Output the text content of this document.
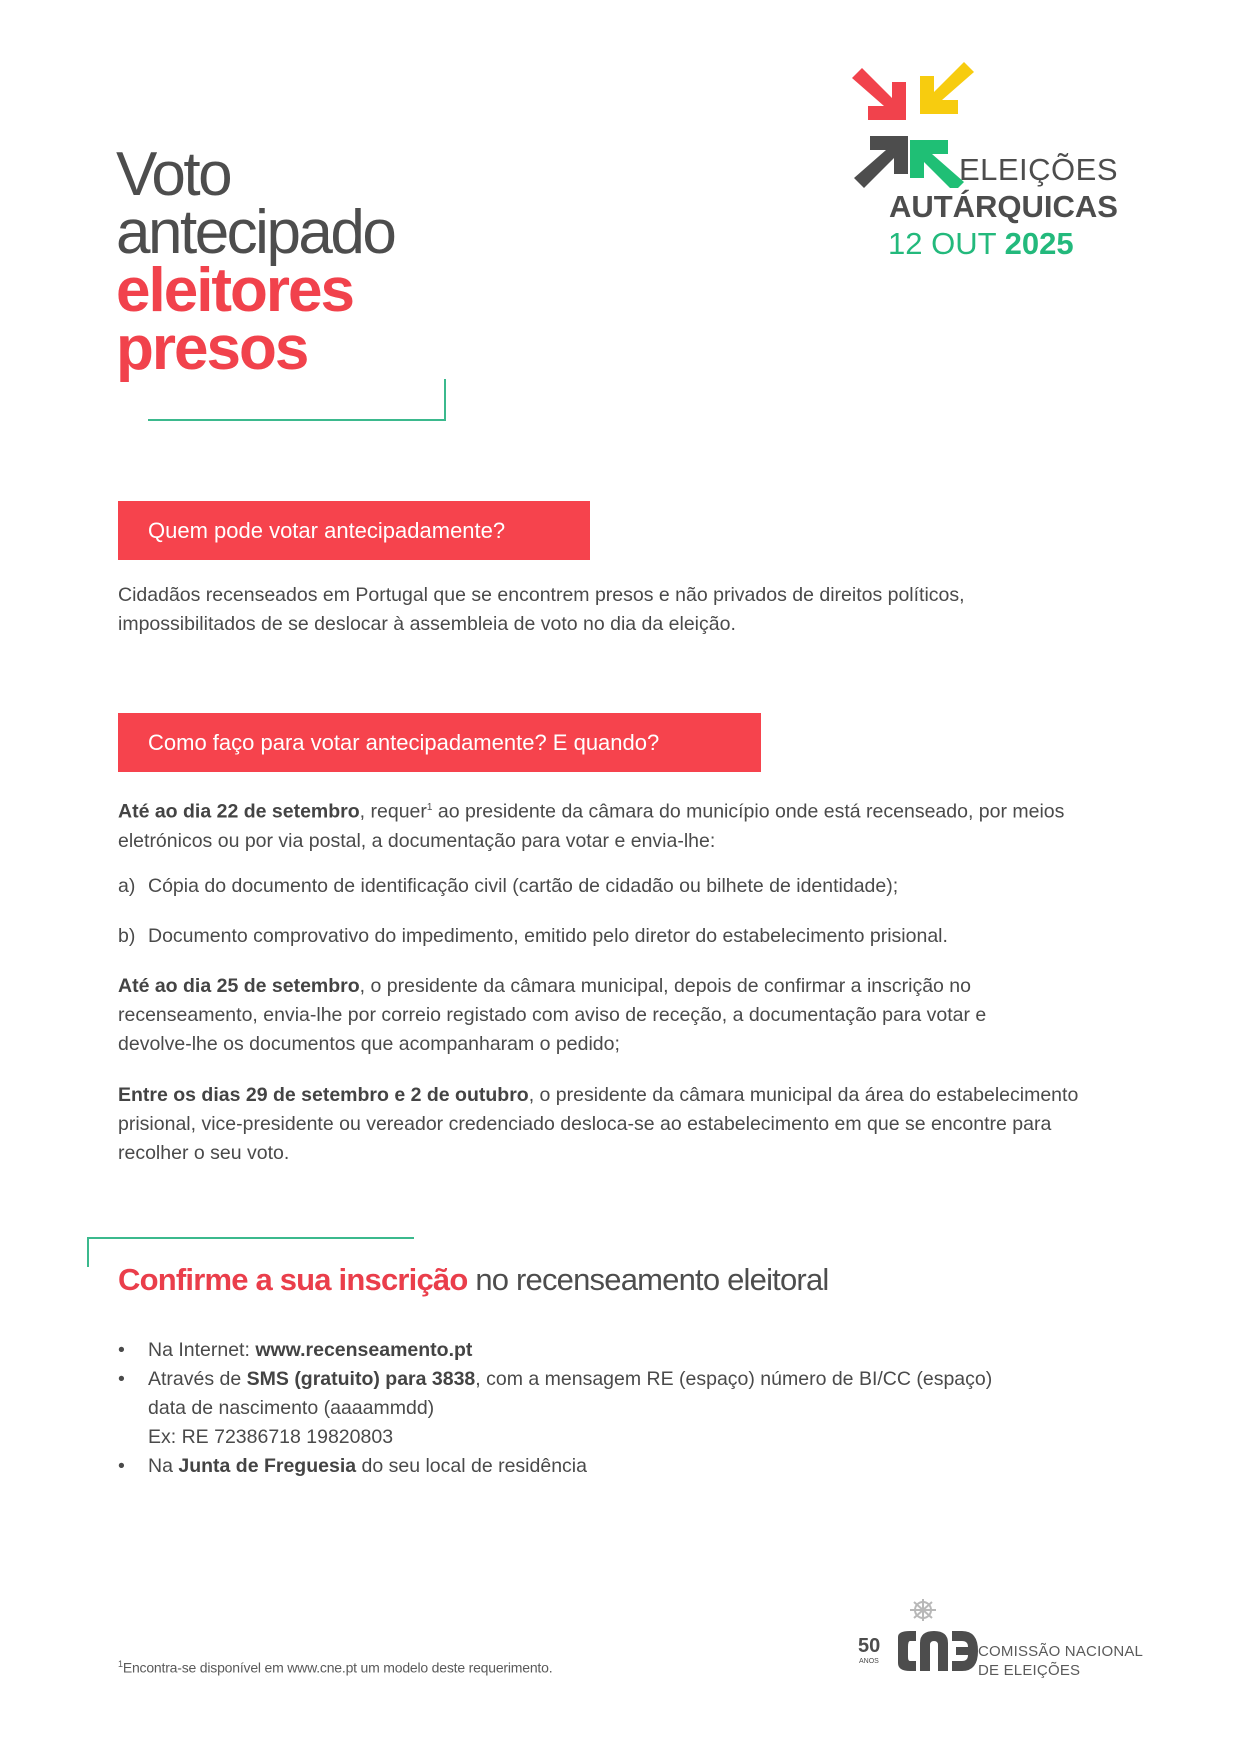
Voto
antecipado
eleitores
presos
ELEIÇÕES
AUTÁRQUICAS
12 OUT 2025
Quem pode votar antecipadamente?
Cidadãos recenseados em Portugal que se encontrem presos e não privados de direitos políticos, impossibilitados de se deslocar à assembleia de voto no dia da eleição.
Como faço para votar antecipadamente? E quando?
Até ao dia 22 de setembro, requer$^1$ ao presidente da câmara do município onde está recenseado, por meios eletrónicos ou por via postal, a documentação para votar e envia-lhe:
a) Cópia do documento de identificação civil (cartão de cidadão ou bilhete de identidade);
b) Documento comprovativo do impedimento, emitido pelo diretor do estabelecimento prisional.
Até ao dia 25 de setembro, o presidente da câmara municipal, depois de confirmar a inscrição no recenseamento, envia-lhe por correio registado com aviso de receção, a documentação para votar e devolve-lhe os documentos que acompanharam o pedido;
Entre os dias 29 de setembro e 2 de outubro, o presidente da câmara municipal da área do estabelecimento prisional, vice-presidente ou vereador credenciado desloca-se ao estabelecimento em que se encontre para recolher o seu voto.
Confirme a sua inscrição no recenseamento eleitoral
• Na Internet: www.recenseamento.pt
• Através de SMS (gratuito) para 3838, com a mensagem RE (espaço) número de BI/CC (espaço)
data de nascimento (aaaammdd)
Ex: RE 72386718 19820803
• Na Junta de Freguesia do seu local de residência
$^1$Encontra-se disponível em www.cne.pt um modelo deste requerimento.
50
ANOS
COMISSÃO NACIONAL
DE ELEIÇÕES
